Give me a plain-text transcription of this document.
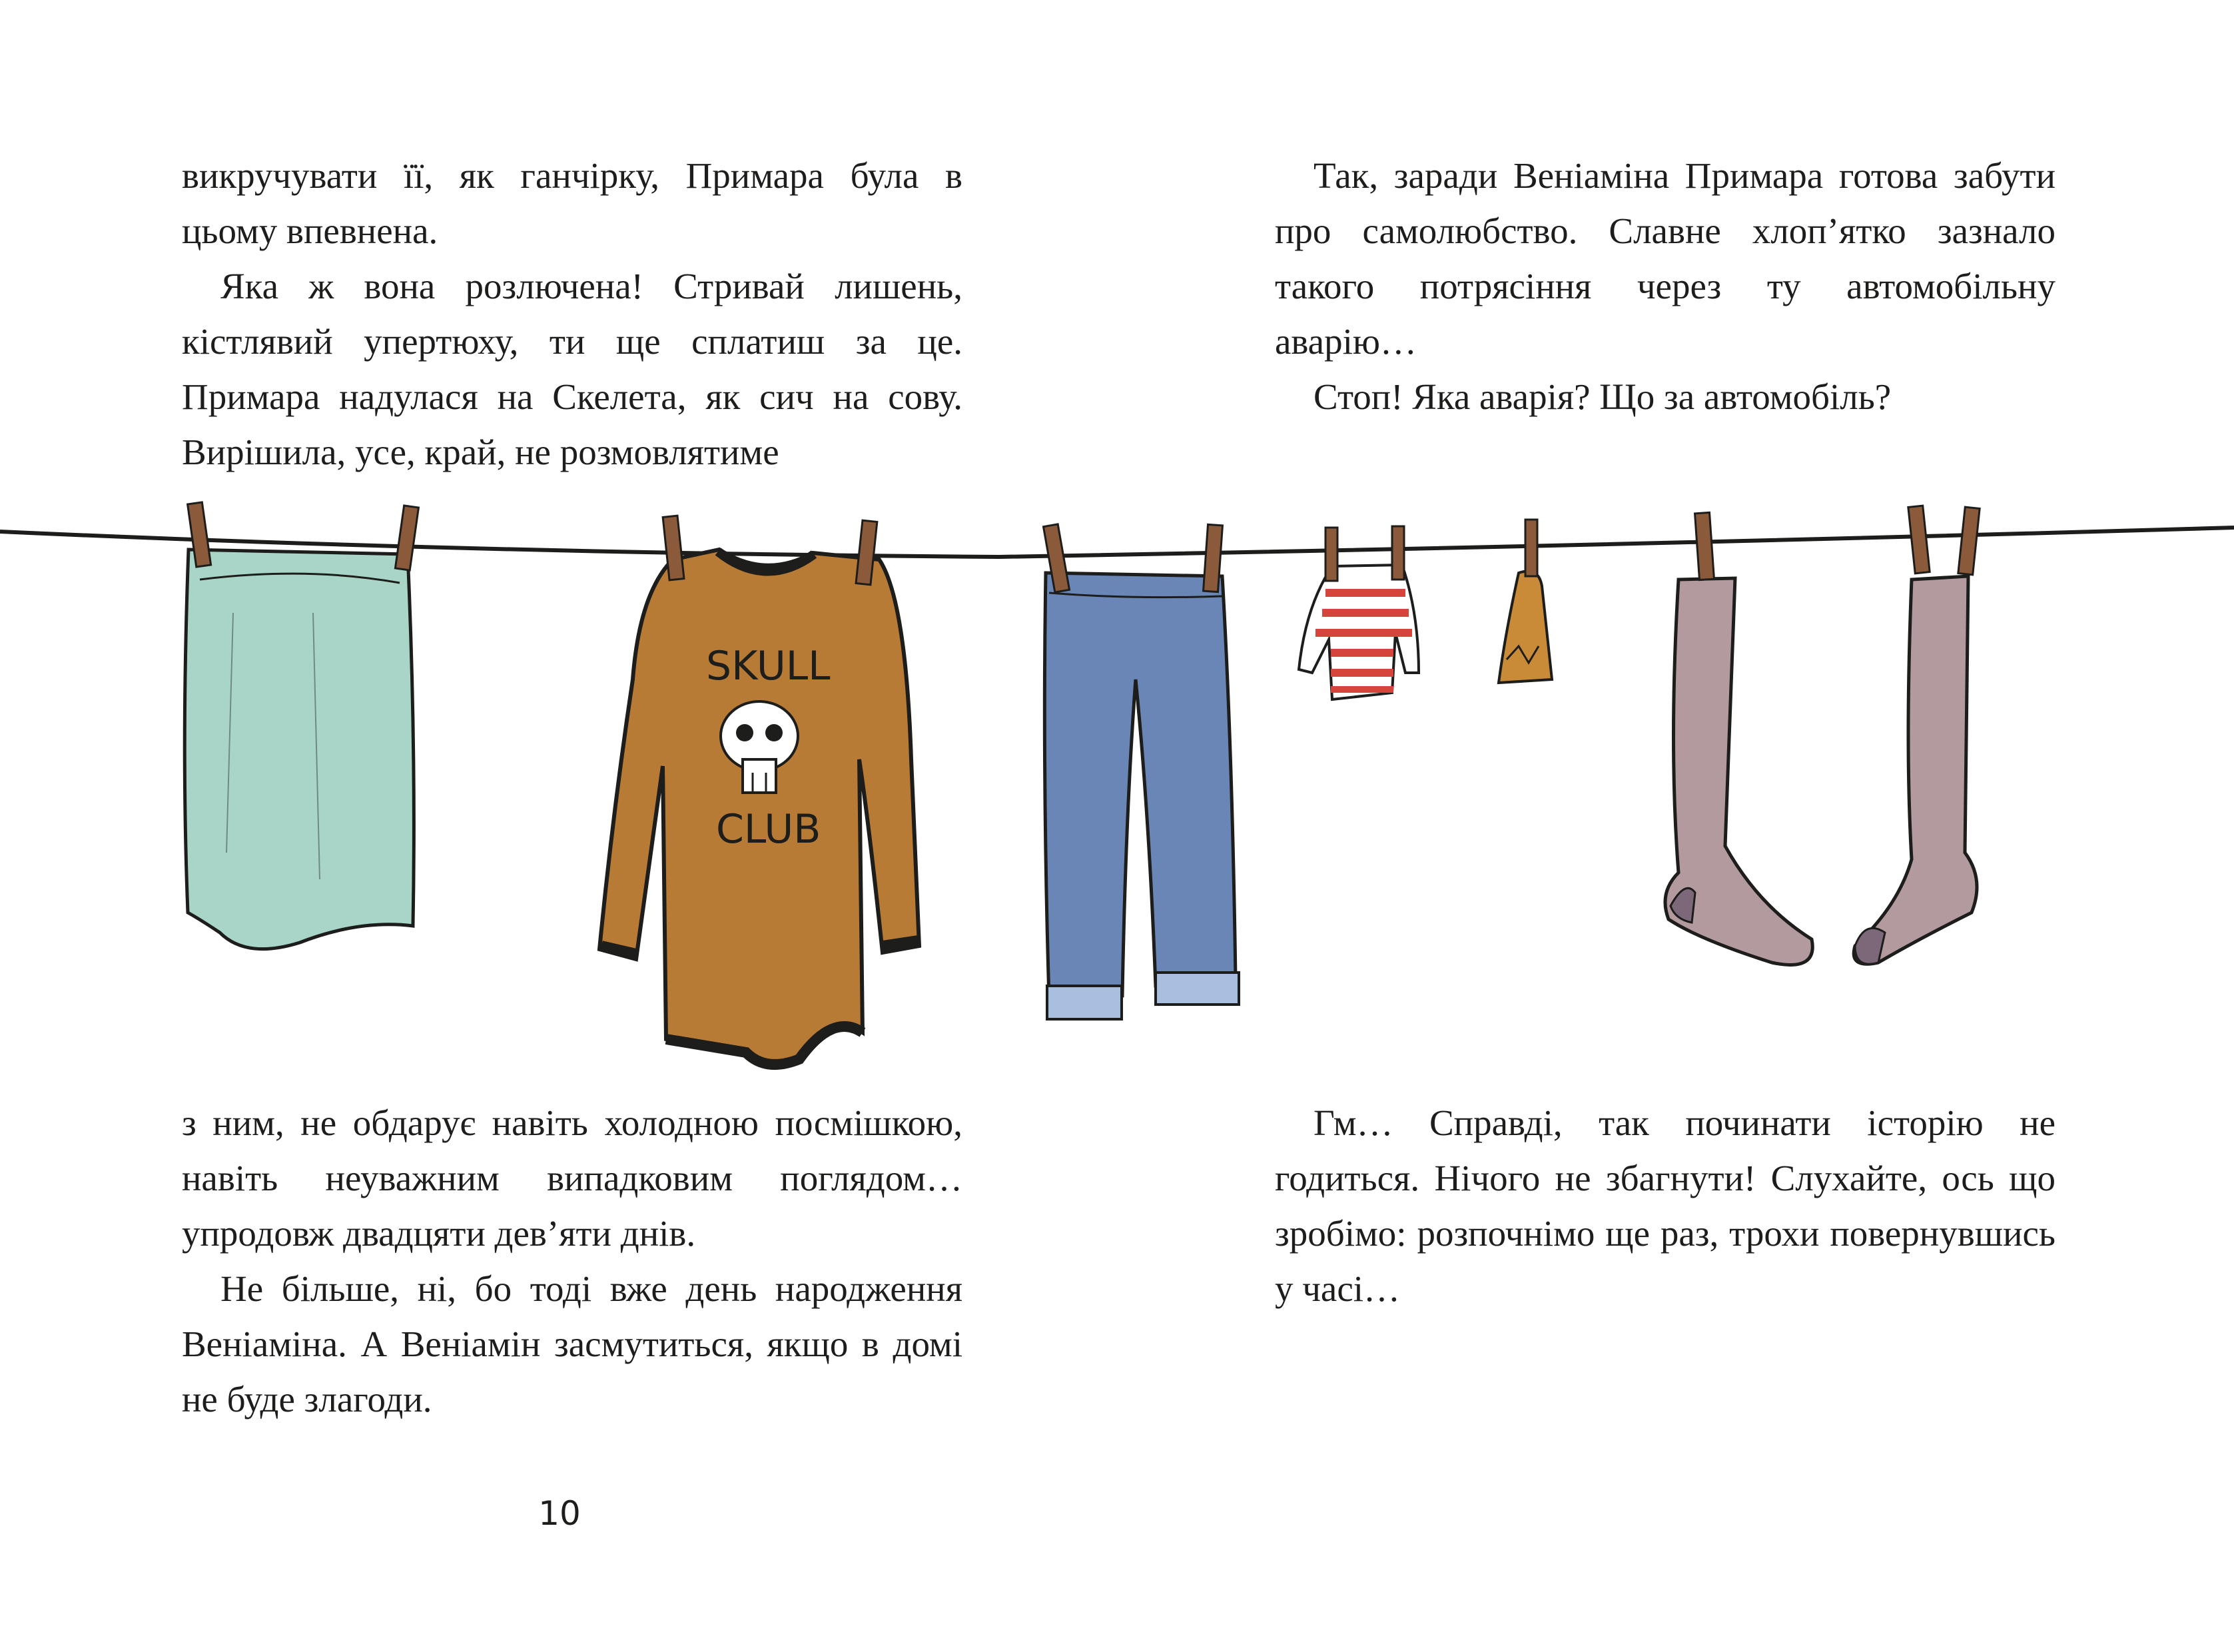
викручувати її, як ганчірку, Примара була в цьому впевнена.

Яка ж вона розлючена! Стривай лишень, кістлявий упертюху, ти ще сплатиш за це. Примара надулася на Скелета, як сич на сову. Вирішила, усе, край, не розмовлятиме

Так, заради Веніаміна Примара готова забути про самолюбство. Славне хлоп’ятко зазнало такого потрясіння через ту автомобільну аварію…

Стоп! Яка аварія? Що за автомобіль?

SKULL
CLUB

з ним, не обдарує навіть холодною посмішкою, навіть неуважним випадковим поглядом… упродовж двадцяти дев’яти днів.

Не більше, ні, бо тоді вже день народження Веніаміна. А Веніамін засмутиться, якщо в домі не буде злагоди.

Гм… Справді, так починати історію не годиться. Нічого не збагнути! Слухайте, ось що зробімо: розпочнімо ще раз, трохи повернувшись у часі…

10
